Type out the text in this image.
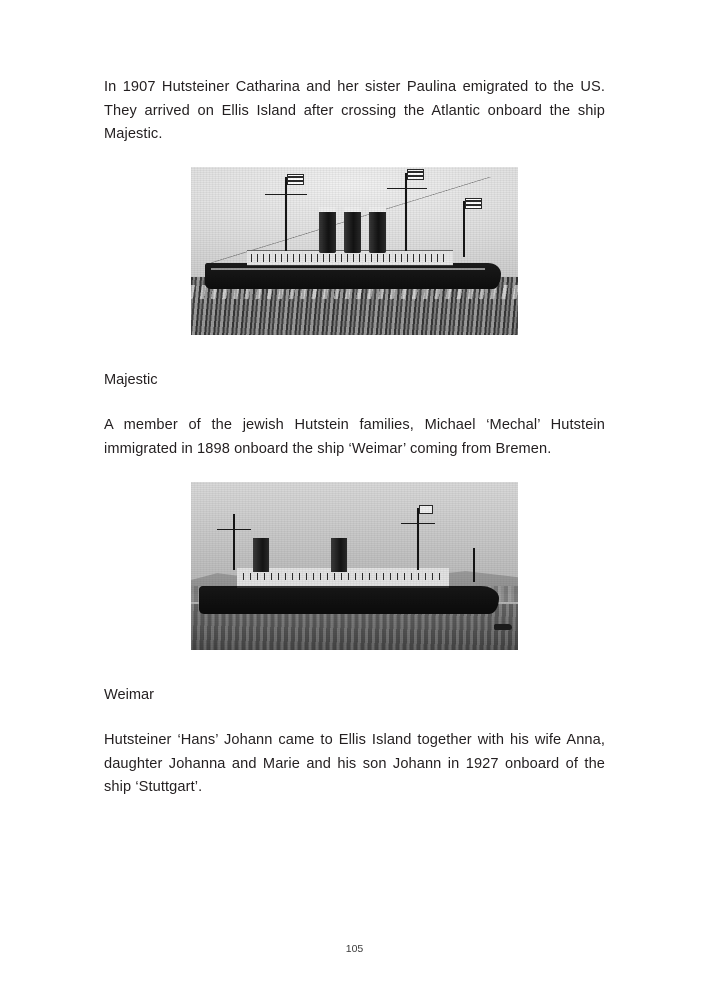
In 1907 Hutsteiner Catharina and her sister Paulina emigrated to the US. They arrived on Ellis Island after crossing the Atlantic onboard the ship Majestic.

Majestic

A member of the jewish Hutstein families, Michael ‘Mechal’ Hutstein immigrated in 1898 onboard the ship ‘Weimar’ coming from Bremen.

Weimar

Hutsteiner ‘Hans’ Johann came to Ellis Island together with his wife Anna, daughter Johanna and Marie and his son Johann in 1927 onboard of the ship ‘Stuttgart’.

105
